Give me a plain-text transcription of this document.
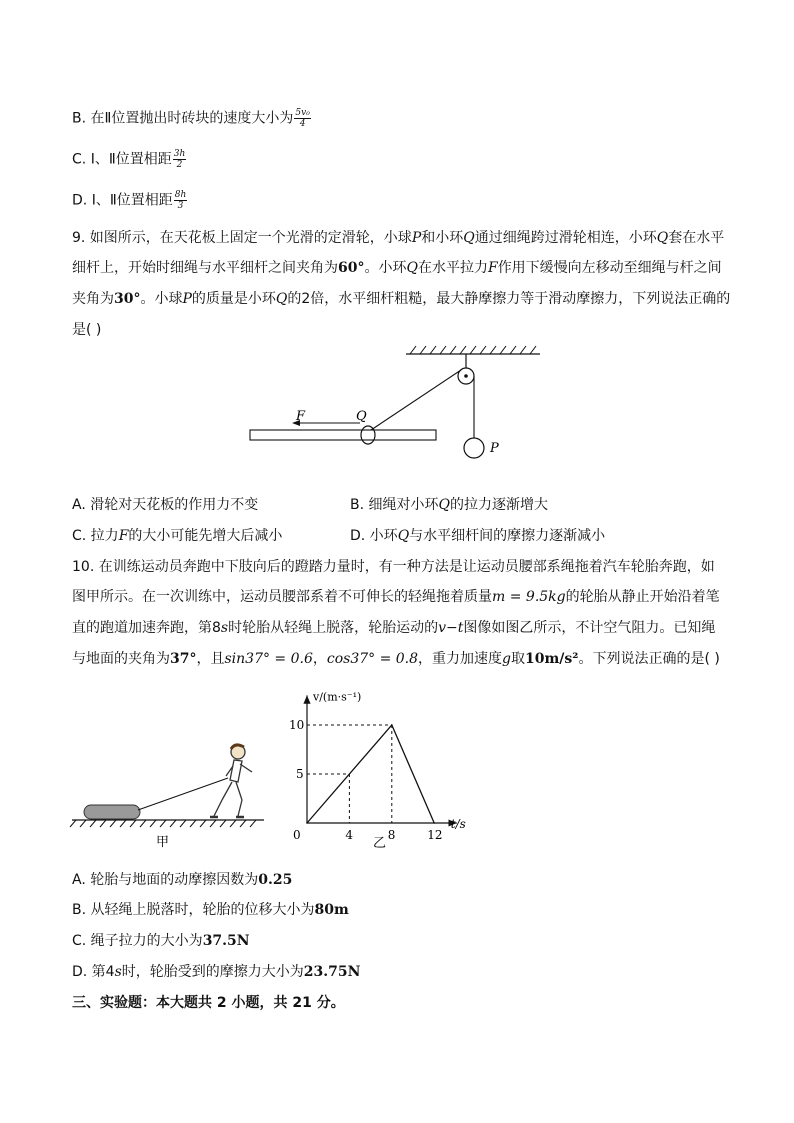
B. 在Ⅱ位置抛出时砖块的速度大小为 $\frac{\text{5v₀}}{4}$
C. Ⅰ、Ⅱ位置相距 $\frac{3h}{2}$
D. Ⅰ、Ⅱ位置相距 $\frac{8h}{3}$
9. 如图所示，在天花板上固定一个光滑的定滑轮，小球P和小环Q通过细绳跨过滑轮相连，小环Q套在水平
细杆上，开始时细绳与水平细杆之间夹角为60°。小环Q在水平拉力F作用下缓慢向左移动至细绳与杆之间
夹角为30°。小球P的质量是小环Q的2倍，水平细杆粗糙，最大静摩擦力等于滑动摩擦力，下列说法正确的
是( )
F	Q
P
A. 滑轮对天花板的作用力不变	B. 细绳对小环Q的拉力逐渐增大
C. 拉力F的大小可能先增大后减小	D. 小环Q与水平细杆间的摩擦力逐渐减小
10. 在训练运动员奔跑中下肢向后的蹬踏力量时，有一种方法是让运动员腰部系绳拖着汽车轮胎奔跑，如
图甲所示。在一次训练中，运动员腰部系着不可伸长的轻绳拖着质量m = 9.5kg的轮胎从静止开始沿着笔
直的跑道加速奔跑，第8s时轮胎从轻绳上脱落，轮胎运动的v−t图像如图乙所示，不计空气阻力。已知绳
与地面的夹角为37°，且sin37° = 0.6，cos37° = 0.8，重力加速度g取10m/s²。下列说法正确的是( )
甲
v/(m·s⁻¹)
t/s
0	4	8	12
5
10
乙
A. 轮胎与地面的动摩擦因数为0.25
B. 从轻绳上脱落时，轮胎的位移大小为80m
C. 绳子拉力的大小为37.5N
D. 第4s时，轮胎受到的摩擦力大小为23.75N
三、实验题：本大题共 2 小题，共 21 分。
